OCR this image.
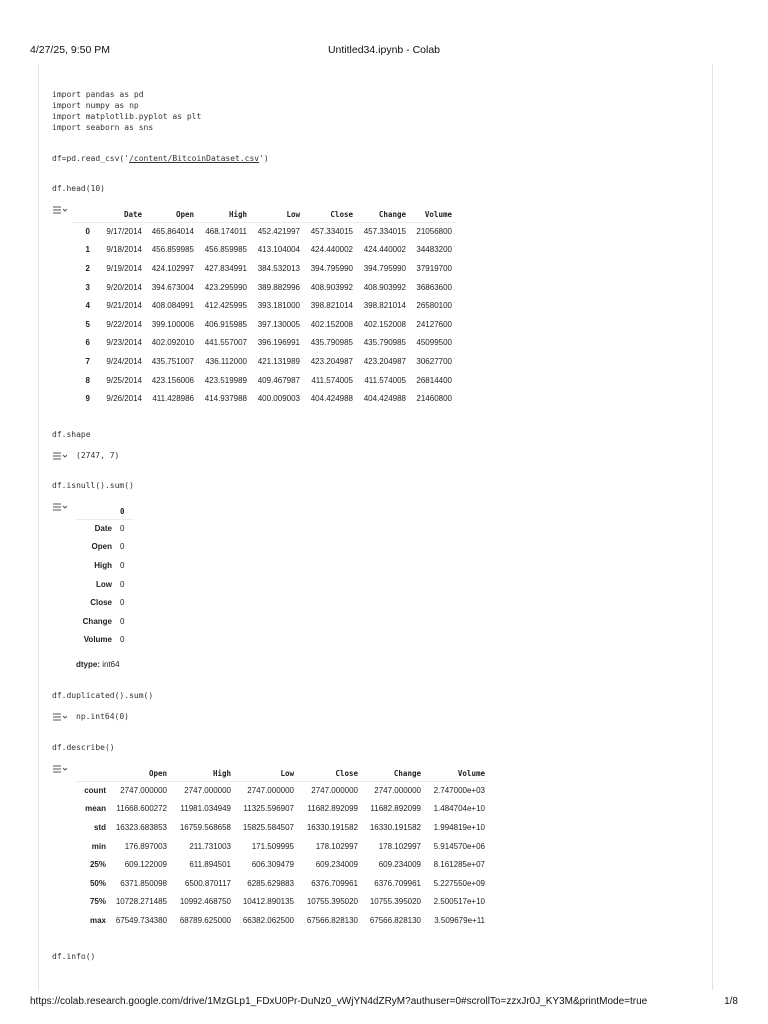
4/27/25, 9:50 PM	Untitled34.ipynb - Colab

import pandas as pd
import numpy as np
import matplotlib.pyplot as plt
import seaborn as sns

df=pd.read_csv('/content/BitcoinDataset.csv')
df.head(10)
	Date	Open	High	Low	Close	Change	Volume
0	9/17/2014	465.864014	468.174011	452.421997	457.334015	457.334015	21056800
1	9/18/2014	456.859985	456.859985	413.104004	424.440002	424.440002	34483200
2	9/19/2014	424.102997	427.834991	384.532013	394.795990	394.795990	37919700
3	9/20/2014	394.673004	423.295990	389.882996	408.903992	408.903992	36863600
4	9/21/2014	408.084991	412.425995	393.181000	398.821014	398.821014	26580100
5	9/22/2014	399.100006	406.915985	397.130005	402.152008	402.152008	24127600
6	9/23/2014	402.092010	441.557007	396.196991	435.790985	435.790985	45099500
7	9/24/2014	435.751007	436.112000	421.131989	423.204987	423.204987	30627700
8	9/25/2014	423.156006	423.519989	409.467987	411.574005	411.574005	26814400
9	9/26/2014	411.428986	414.937988	400.009003	404.424988	404.424988	21460800
df.shape
(2747, 7)
df.isnull().sum()
	0
Date	0
Open	0
High	0
Low	0
Close	0
Change	0
Volume	0
dtype: int64
df.duplicated().sum()
np.int64(0)
df.describe()
	Open	High	Low	Close	Change	Volume
count	2747.000000	2747.000000	2747.000000	2747.000000	2747.000000	2.747000e+03
mean	11668.600272	11981.034949	11325.596907	11682.892099	11682.892099	1.484704e+10
std	16323.683853	16759.568658	15825.584507	16330.191582	16330.191582	1.994819e+10
min	176.897003	211.731003	171.509995	178.102997	178.102997	5.914570e+06
25%	609.122009	611.894501	606.309479	609.234009	609.234009	8.161285e+07
50%	6371.850098	6500.870117	6285.629883	6376.709961	6376.709961	5.227550e+09
75%	10728.271485	10992.468750	10412.890135	10755.395020	10755.395020	2.500517e+10
max	67549.734380	68789.625000	66382.062500	67566.828130	67566.828130	3.509679e+11
df.info()
https://colab.research.google.com/drive/1MzGLp1_FDxU0Pr-DuNz0_vWjYN4dZRyM?authuser=0#scrollTo=zzxJr0J_KY3M&printMode=true	1/8
